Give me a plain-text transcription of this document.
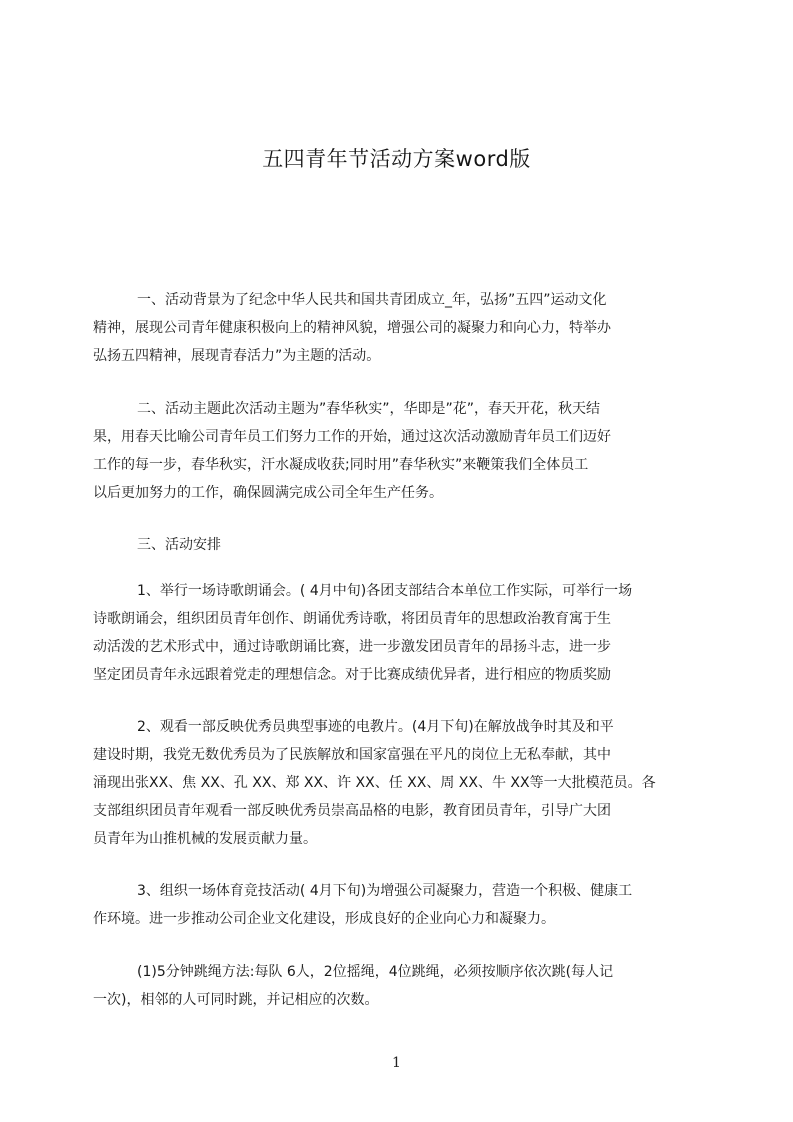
五四青年节活动方案word版
一、活动背景为了纪念中华人民共和国共青团成立_年，弘扬”五四”运动文化
精神，展现公司青年健康积极向上的精神风貌，增强公司的凝聚力和向心力，特举办
弘扬五四精神，展现青春活力”为主题的活动。
二、活动主题此次活动主题为”春华秋实”，华即是”花”，春天开花，秋天结
果，用春天比喻公司青年员工们努力工作的开始，通过这次活动激励青年员工们迈好
工作的每一步，春华秋实，汗水凝成收获;同时用”春华秋实”来鞭策我们全体员工
以后更加努力的工作，确保圆满完成公司全年生产任务。
三、活动安排
1、举行一场诗歌朗诵会。( 4月中旬)各团支部结合本单位工作实际，可举行一场
诗歌朗诵会，组织团员青年创作、朗诵优秀诗歌，将团员青年的思想政治教育寓于生
动活泼的艺术形式中，通过诗歌朗诵比赛，进一步激发团员青年的昂扬斗志，进一步
坚定团员青年永远跟着党走的理想信念。对于比赛成绩优异者，进行相应的物质奖励
2、观看一部反映优秀员典型事迹的电教片。(4月下旬)在解放战争时其及和平
建设时期，我党无数优秀员为了民族解放和国家富强在平凡的岗位上无私奉献，其中
涌现出张XX、焦 XX、孔 XX、郑 XX、许 XX、任 XX、周 XX、牛 XX等一大批模范员。各
支部组织团员青年观看一部反映优秀员崇高品格的电影，教育团员青年，引导广大团
员青年为山推机械的发展贡献力量。
3、组织一场体育竞技活动( 4月下旬)为增强公司凝聚力，营造一个积极、健康工
作环境。进一步推动公司企业文化建设，形成良好的企业向心力和凝聚力。
(1)5分钟跳绳方法:每队 6人，2位摇绳，4位跳绳，必须按顺序依次跳(每人记
一次)，相邻的人可同时跳，并记相应的次数。
1
